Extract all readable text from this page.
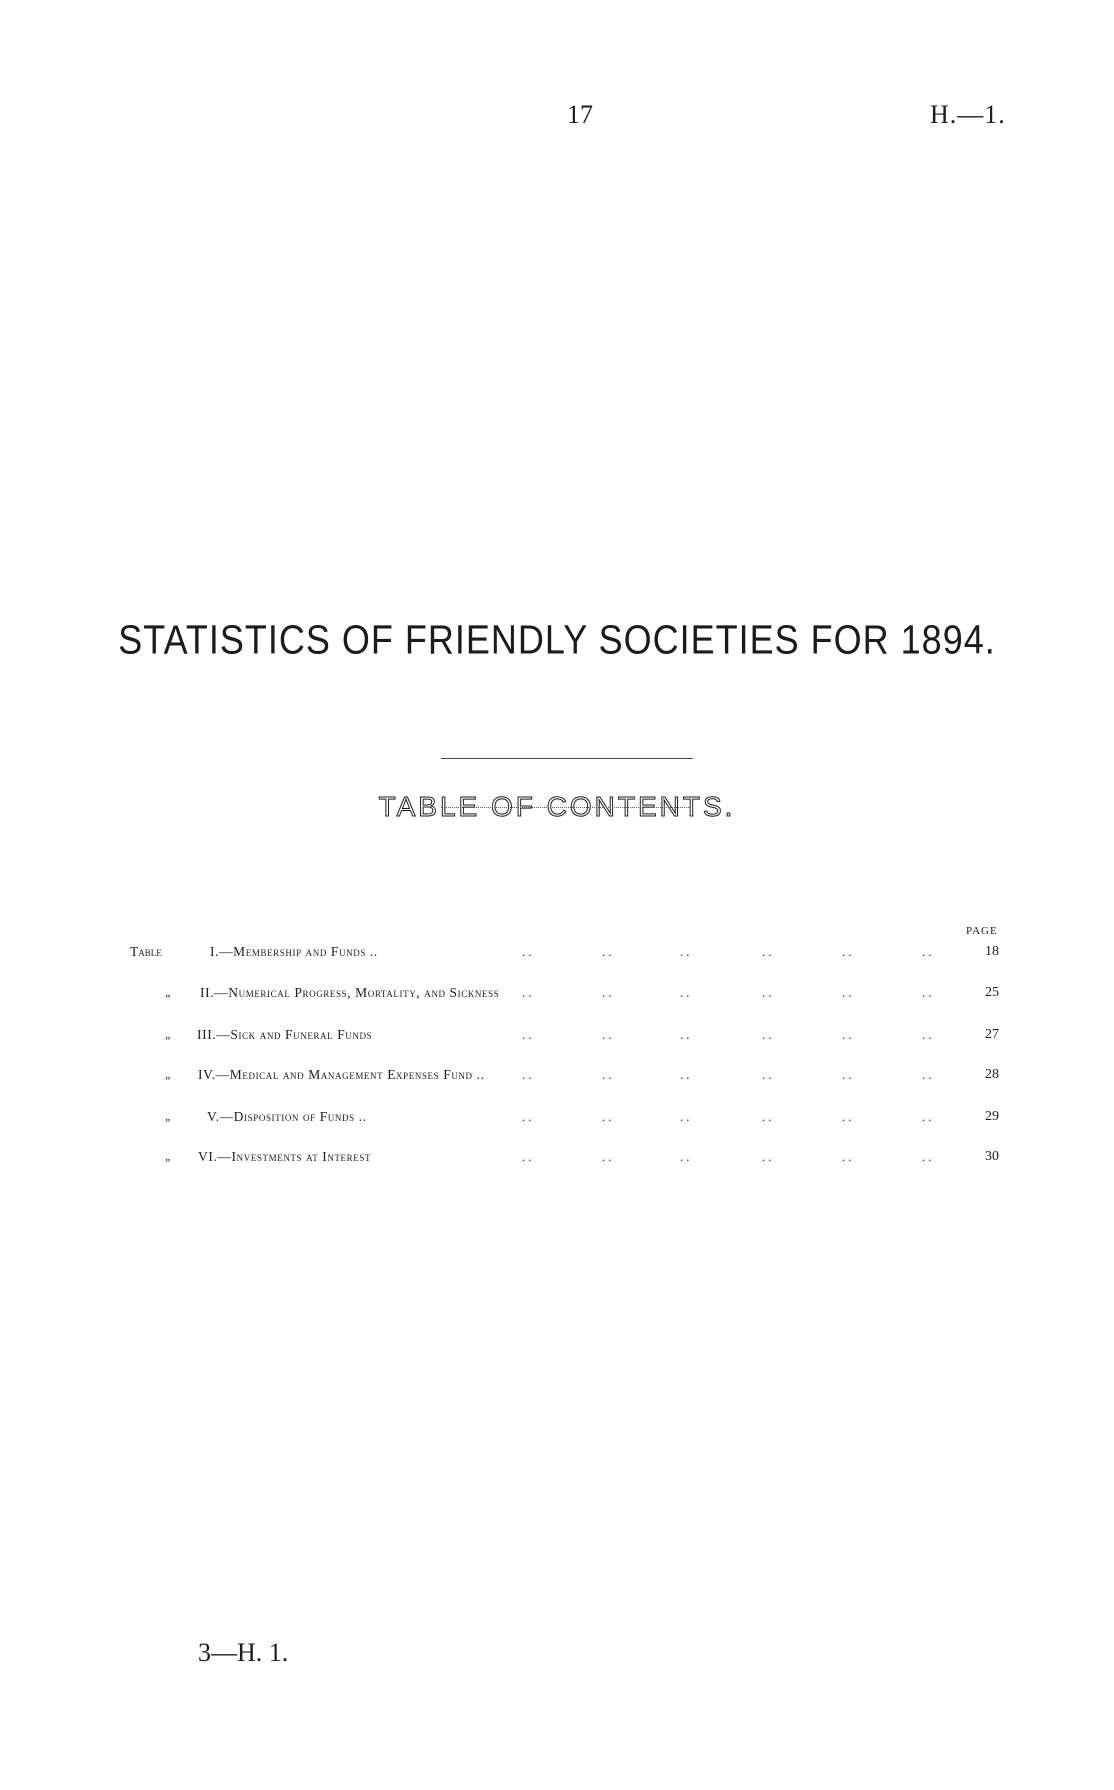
17	H.—1.
STATISTICS OF FRIENDLY SOCIETIES FOR 1894.
TABLE OF CONTENTS.
PAGE
Table	I.—Membership and Funds ..	..	..	..	..	..	..	18
„ II.—Numerical Progress, Mortality, and Sickness ..	..	..	..	..	..	25
„ III.—Sick and Funeral Funds	..	..	..	..	..	..	27
„ IV.—Medical and Management Expenses Fund ..	..	..	..	..	..	..	28
„	V.—Disposition of Funds ..	..	..	..	..	..	..	29
„ VI.—Investments at Interest	..	..	..	..	..	..	30
3—H. 1.
